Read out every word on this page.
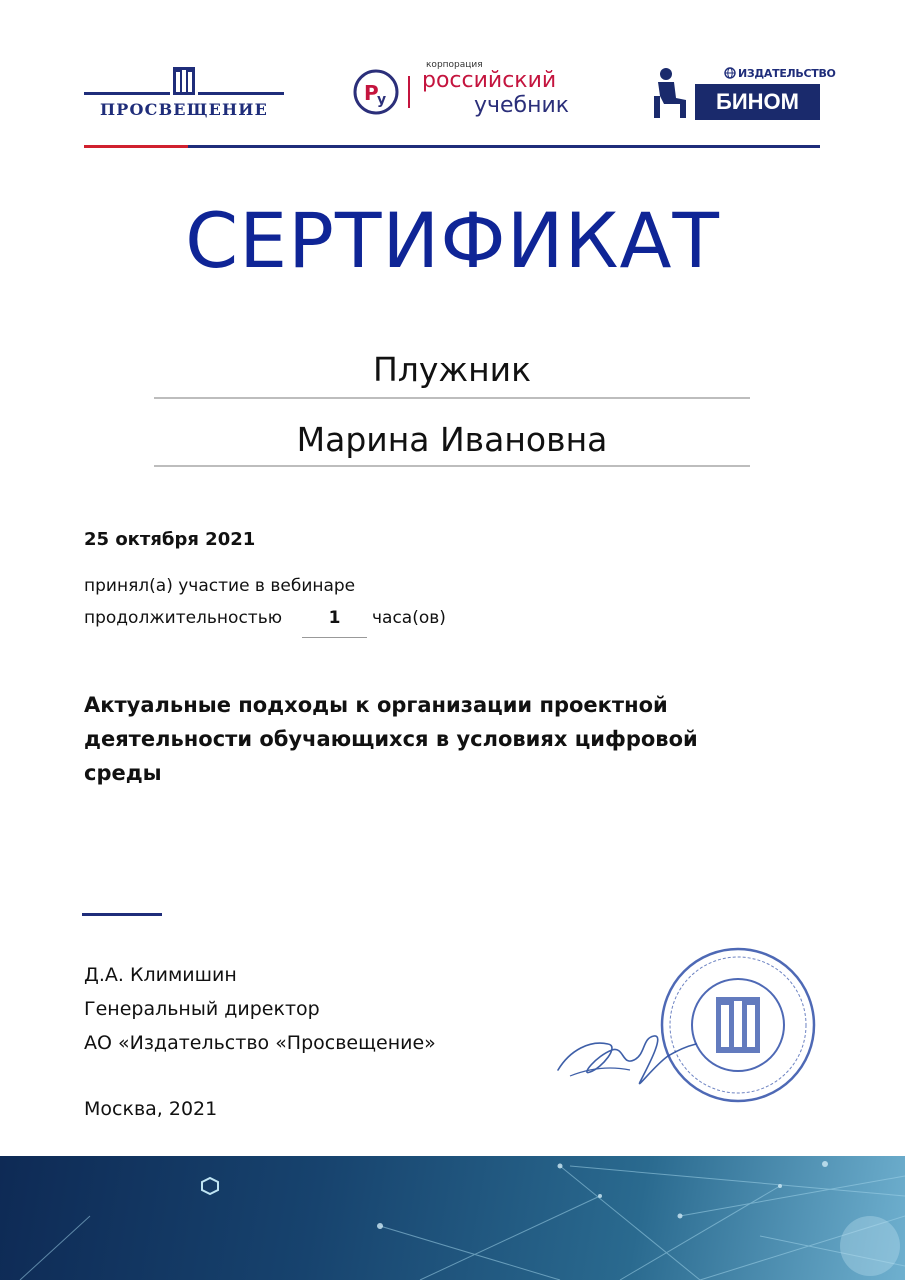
ПРОСВЕЩЕНИЕ
Р
у
корпорация
российский
учебник
ИЗДАТЕЛЬСТВО
БИНОМ
СЕРТИФИКАТ
Плужник
Марина Ивановна
25 октября 2021
принял(а) участие в вебинаре
продолжительностью	1	часа(ов)
Актуальные подходы к организации проектной деятельности обучающихся в условиях цифровой среды
Д.А. Климишин
Генеральный директор
АО «Издательство «Просвещение»
Москва, 2021
